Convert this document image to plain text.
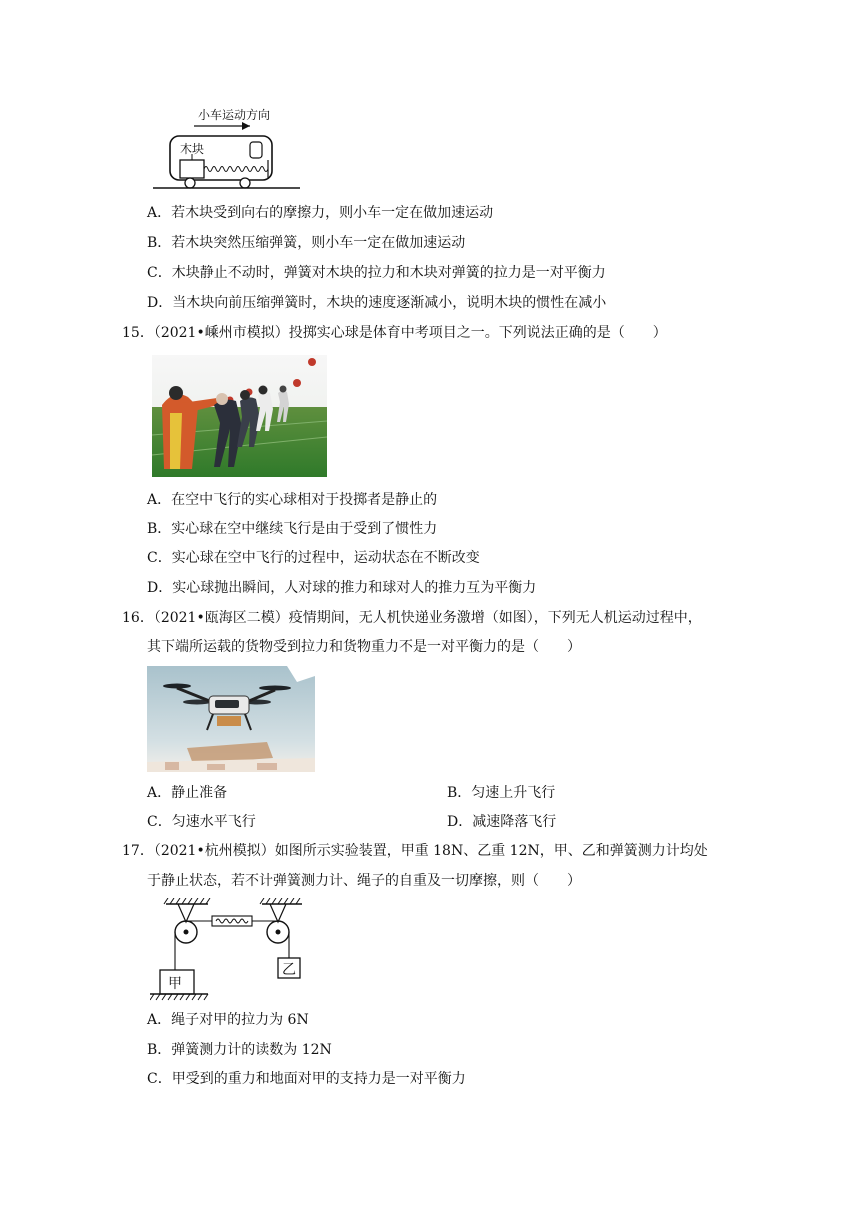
小车运动方向
木块
A．若木块受到向右的摩擦力，则小车一定在做加速运动
B．若木块突然压缩弹簧，则小车一定在做加速运动
C．木块静止不动时，弹簧对木块的拉力和木块对弹簧的拉力是一对平衡力
D．当木块向前压缩弹簧时，木块的速度逐渐减小，说明木块的惯性在减小
15．（2021•嵊州市模拟）投掷实心球是体育中考项目之一。下列说法正确的是（　　）
A．在空中飞行的实心球相对于投掷者是静止的
B．实心球在空中继续飞行是由于受到了惯性力
C．实心球在空中飞行的过程中，运动状态在不断改变
D．实心球抛出瞬间，人对球的推力和球对人的推力互为平衡力
16．（2021•瓯海区二模）疫情期间，无人机快递业务激增（如图），下列无人机运动过程中，
其下端所运载的货物受到拉力和货物重力不是一对平衡力的是（　　）
A．静止准备	B．匀速上升飞行
C．匀速水平飞行	D．减速降落飞行
17．（2021•杭州模拟）如图所示实验装置，甲重 18N、乙重 12N，甲、乙和弹簧测力计均处
于静止状态，若不计弹簧测力计、绳子的自重及一切摩擦，则（　　）
甲
乙
A．绳子对甲的拉力为 6N
B．弹簧测力计的读数为 12N
C．甲受到的重力和地面对甲的支持力是一对平衡力
